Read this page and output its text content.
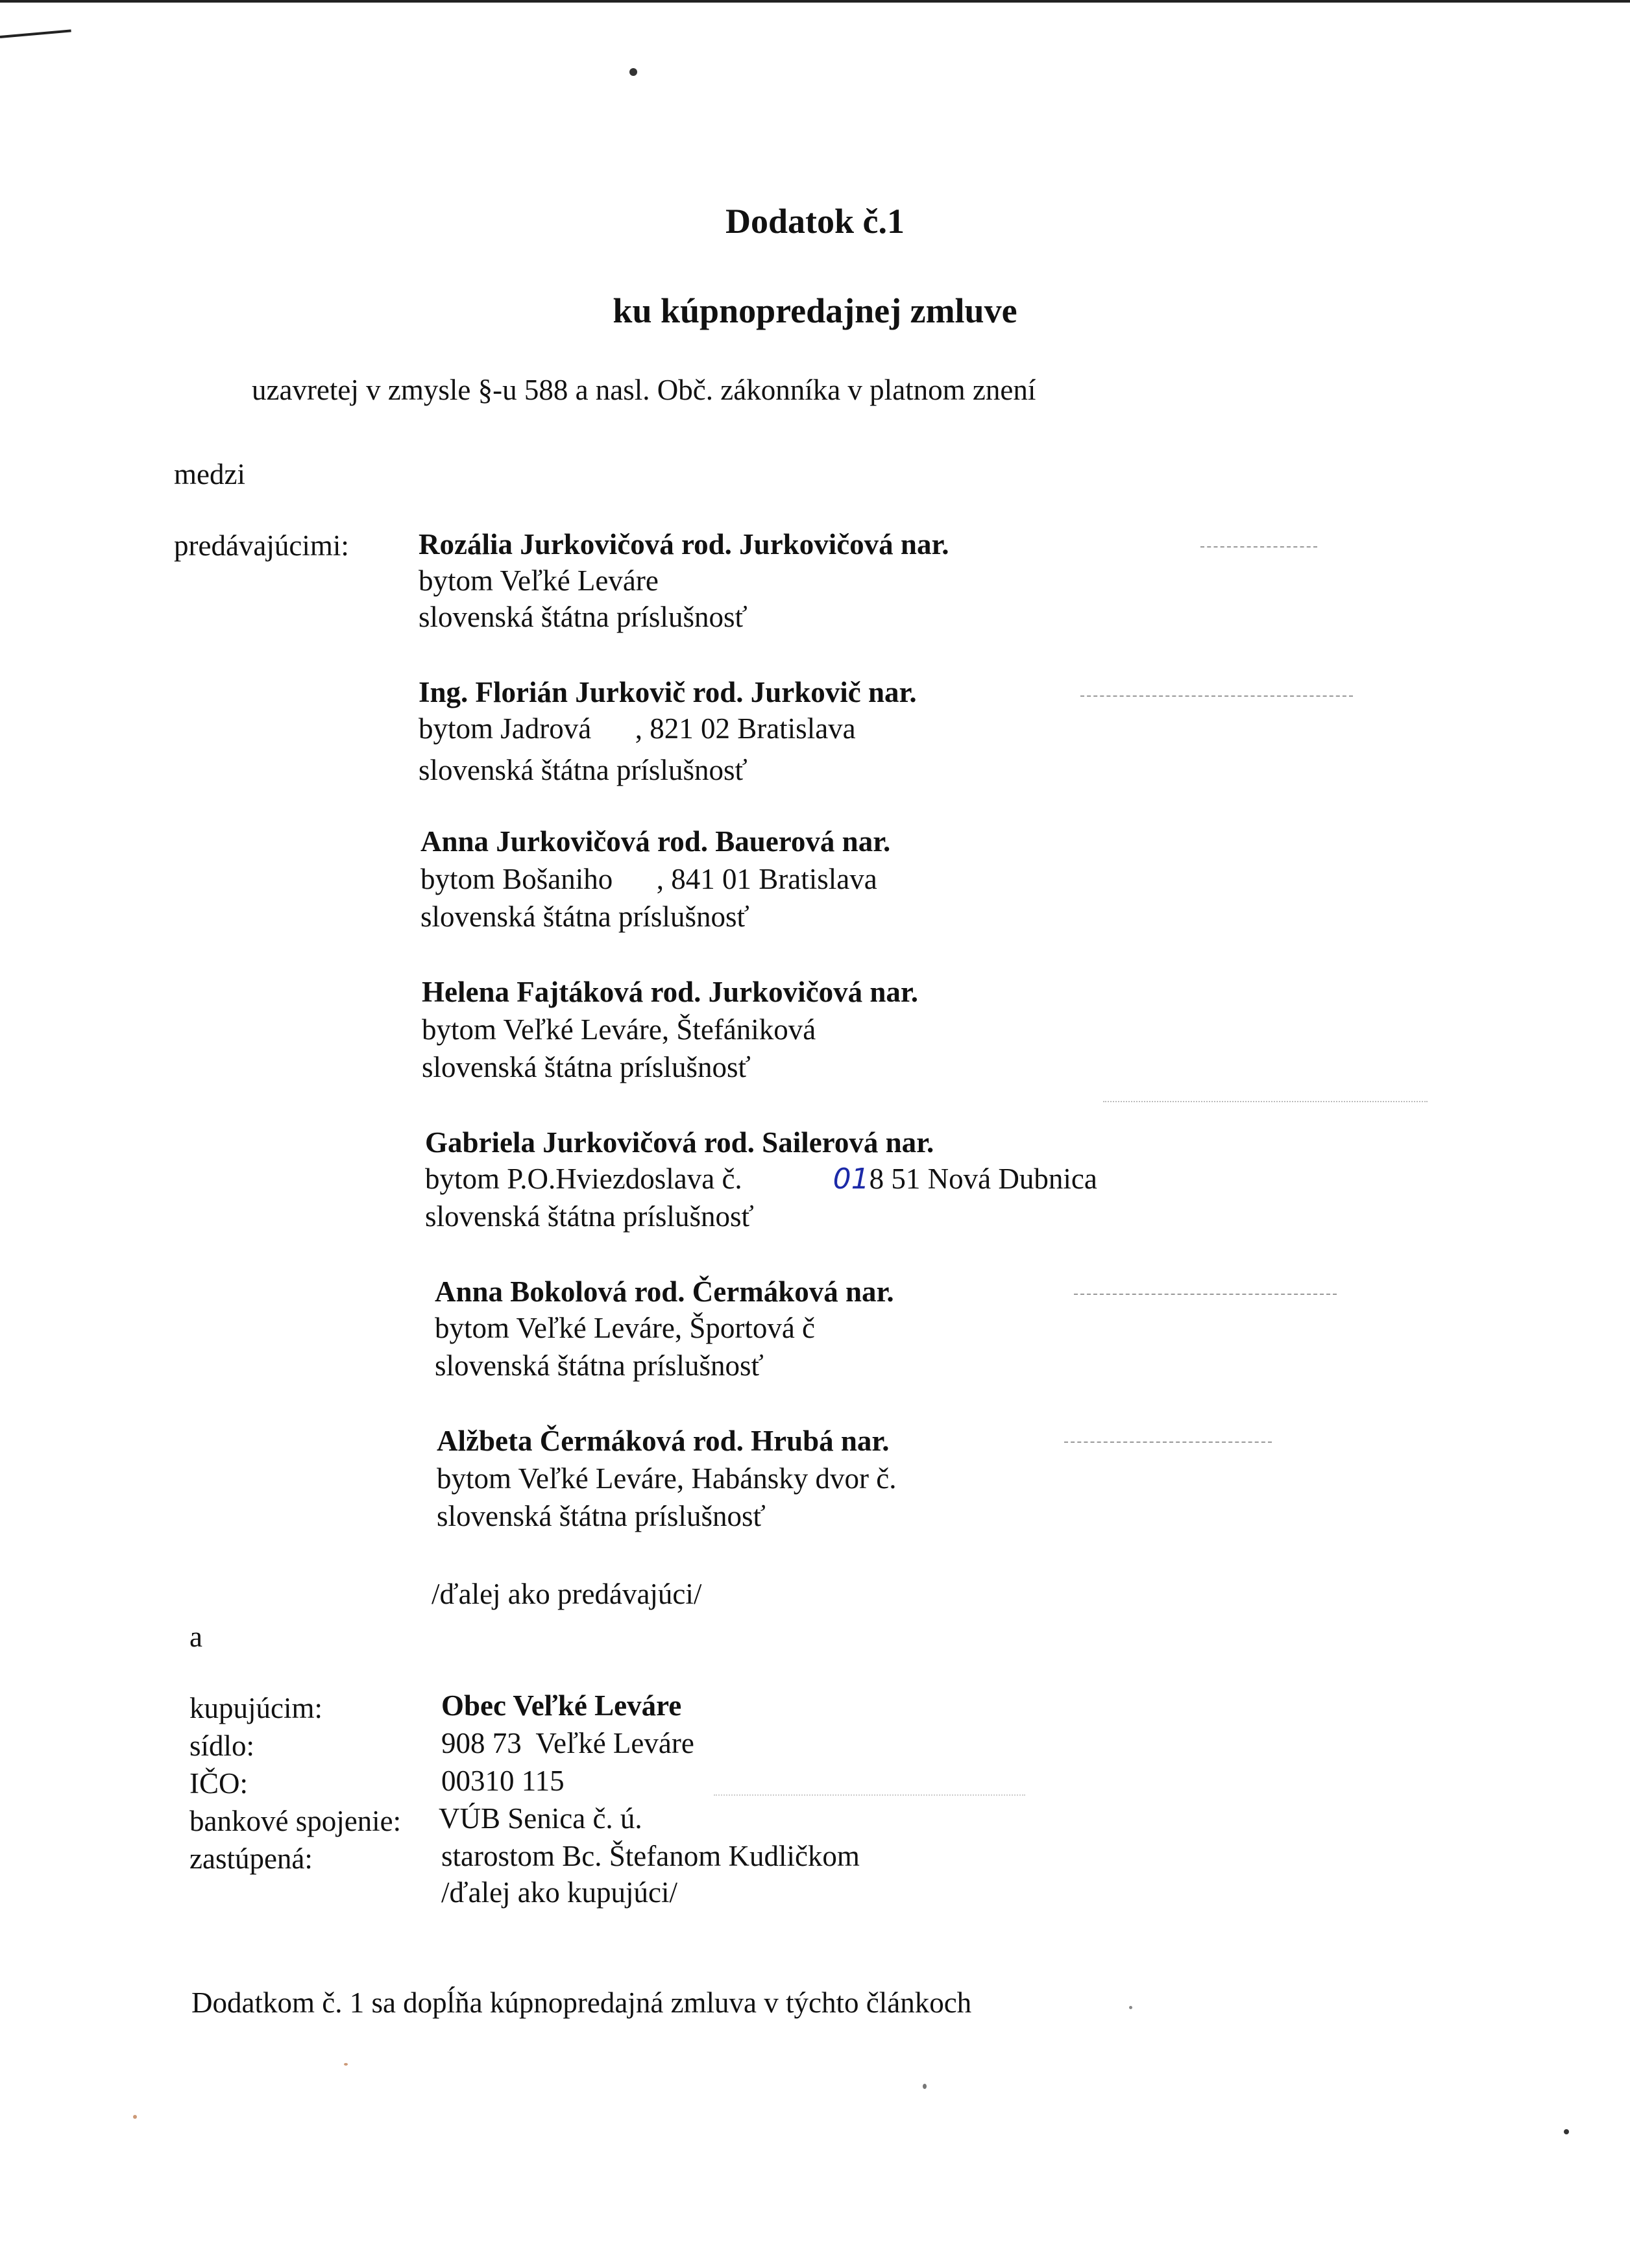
Dodatok č.1
ku kúpnopredajnej zmluve
uzavretej v zmysle §-u 588 a nasl. Obč. zákonníka v platnom znení
medzi
predávajúcimi: Rozália Jurkovičová rod. Jurkovičová nar.
bytom Veľké Leváre
slovenská štátna príslušnosť
Ing. Florián Jurkovič rod. Jurkovič nar.
bytom Jadrová      , 821 02 Bratislava
slovenská štátna príslušnosť
Anna Jurkovičová rod. Bauerová nar.
bytom Bošaniho      , 841 01 Bratislava
slovenská štátna príslušnosť
Helena Fajtáková rod. Jurkovičová nar.
bytom Veľké Leváre, Štefániková
slovenská štátna príslušnosť
Gabriela Jurkovičová rod. Sailerová nar.
bytom P.O.Hviezdoslava č.	018 51 Nová Dubnica
slovenská štátna príslušnosť
Anna Bokolová rod. Čermáková nar.
bytom Veľké Leváre, Športová č
slovenská štátna príslušnosť
Alžbeta Čermáková rod. Hrubá nar.
bytom Veľké Leváre, Habánsky dvor č.
slovenská štátna príslušnosť
/ďalej ako predávajúci/
a
kupujúcim:
sídlo:
IČO:
bankové spojenie:
zastúpená:
Obec Veľké Leváre
908 73  Veľké Leváre
00310 115
VÚB Senica č. ú.
starostom Bc. Štefanom Kudličkom
/ďalej ako kupujúci/
Dodatkom č. 1 sa dopĺňa kúpnopredajná zmluva v týchto článkoch
